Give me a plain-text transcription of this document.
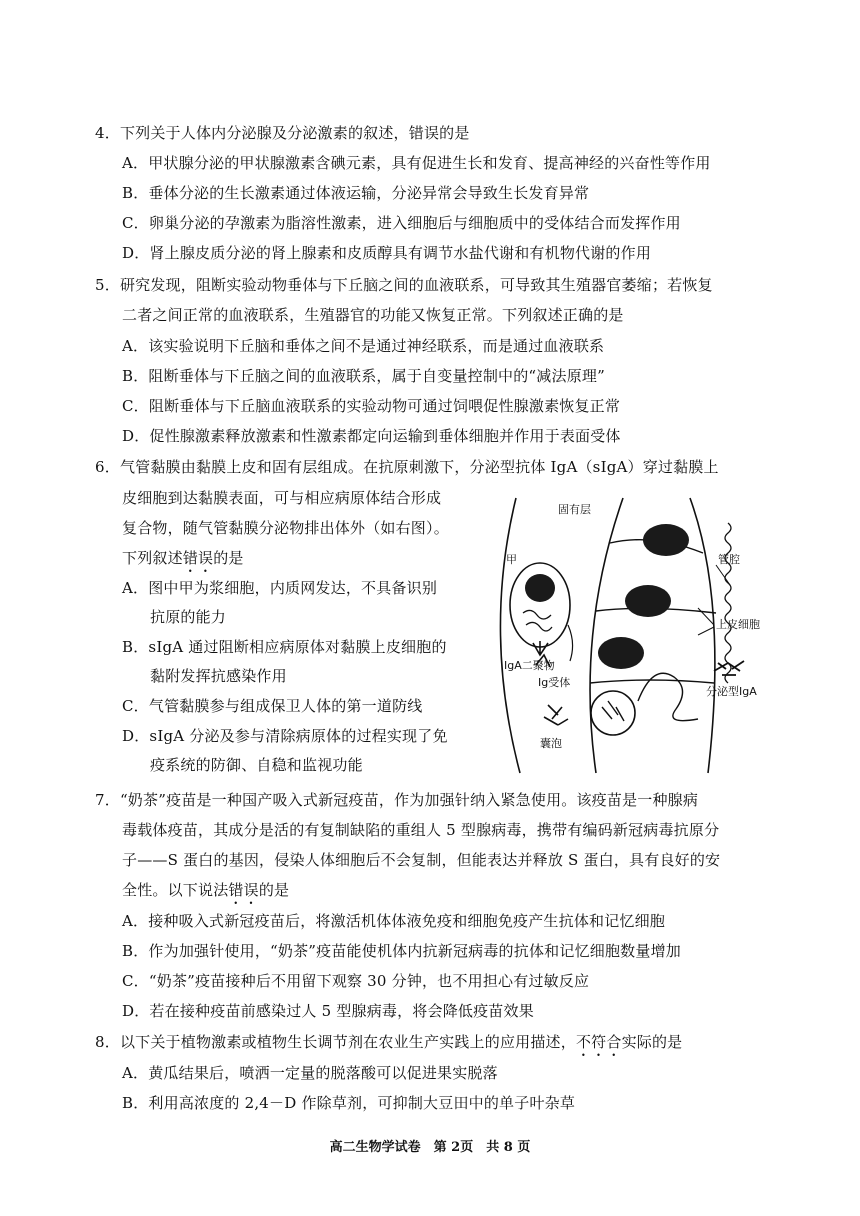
4．下列关于人体内分泌腺及分泌激素的叙述，错误的是
A．甲状腺分泌的甲状腺激素含碘元素，具有促进生长和发育、提高神经的兴奋性等作用
B．垂体分泌的生长激素通过体液运输，分泌异常会导致生长发育异常
C．卵巢分泌的孕激素为脂溶性激素，进入细胞后与细胞质中的受体结合而发挥作用
D．肾上腺皮质分泌的肾上腺素和皮质醇具有调节水盐代谢和有机物代谢的作用
5．研究发现，阻断实验动物垂体与下丘脑之间的血液联系，可导致其生殖器官萎缩；若恢复
二者之间正常的血液联系，生殖器官的功能又恢复正常。下列叙述正确的是
A．该实验说明下丘脑和垂体之间不是通过神经联系，而是通过血液联系
B．阻断垂体与下丘脑之间的血液联系，属于自变量控制中的“减法原理”
C．阻断垂体与下丘脑血液联系的实验动物可通过饲喂促性腺激素恢复正常
D．促性腺激素释放激素和性激素都定向运输到垂体细胞并作用于表面受体
6．气管黏膜由黏膜上皮和固有层组成。在抗原刺激下，分泌型抗体 IgA（sIgA）穿过黏膜上
皮细胞到达黏膜表面，可与相应病原体结合形成
复合物，随气管黏膜分泌物排出体外（如右图）。
下列叙述错误的是
A．图中甲为浆细胞，内质网发达，不具备识别
抗原的能力
B．sIgA 通过阻断相应病原体对黏膜上皮细胞的
黏附发挥抗感染作用
C．气管黏膜参与组成保卫人体的第一道防线
D．sIgA 分泌及参与清除病原体的过程实现了免
疫系统的防御、自稳和监视功能
固有层
甲	管腔
上皮细胞
IgA二聚物
Ig受体
囊泡
分泌型IgA
7．“奶茶”疫苗是一种国产吸入式新冠疫苗，作为加强针纳入紧急使用。该疫苗是一种腺病
毒载体疫苗，其成分是活的有复制缺陷的重组人 5 型腺病毒，携带有编码新冠病毒抗原分
子——S 蛋白的基因，侵染人体细胞后不会复制，但能表达并释放 S 蛋白，具有良好的安
全性。以下说法错误的是
A．接种吸入式新冠疫苗后，将激活机体体液免疫和细胞免疫产生抗体和记忆细胞
B．作为加强针使用，“奶茶”疫苗能使机体内抗新冠病毒的抗体和记忆细胞数量增加
C．“奶茶”疫苗接种后不用留下观察 30 分钟，也不用担心有过敏反应
D．若在接种疫苗前感染过人 5 型腺病毒，将会降低疫苗效果
8．以下关于植物激素或植物生长调节剂在农业生产实践上的应用描述，不符合实际的是
A．黄瓜结果后，喷洒一定量的脱落酸可以促进果实脱落
B．利用高浓度的 2,4－D 作除草剂，可抑制大豆田中的单子叶杂草
高二生物学试卷　第 2页　共 8 页
